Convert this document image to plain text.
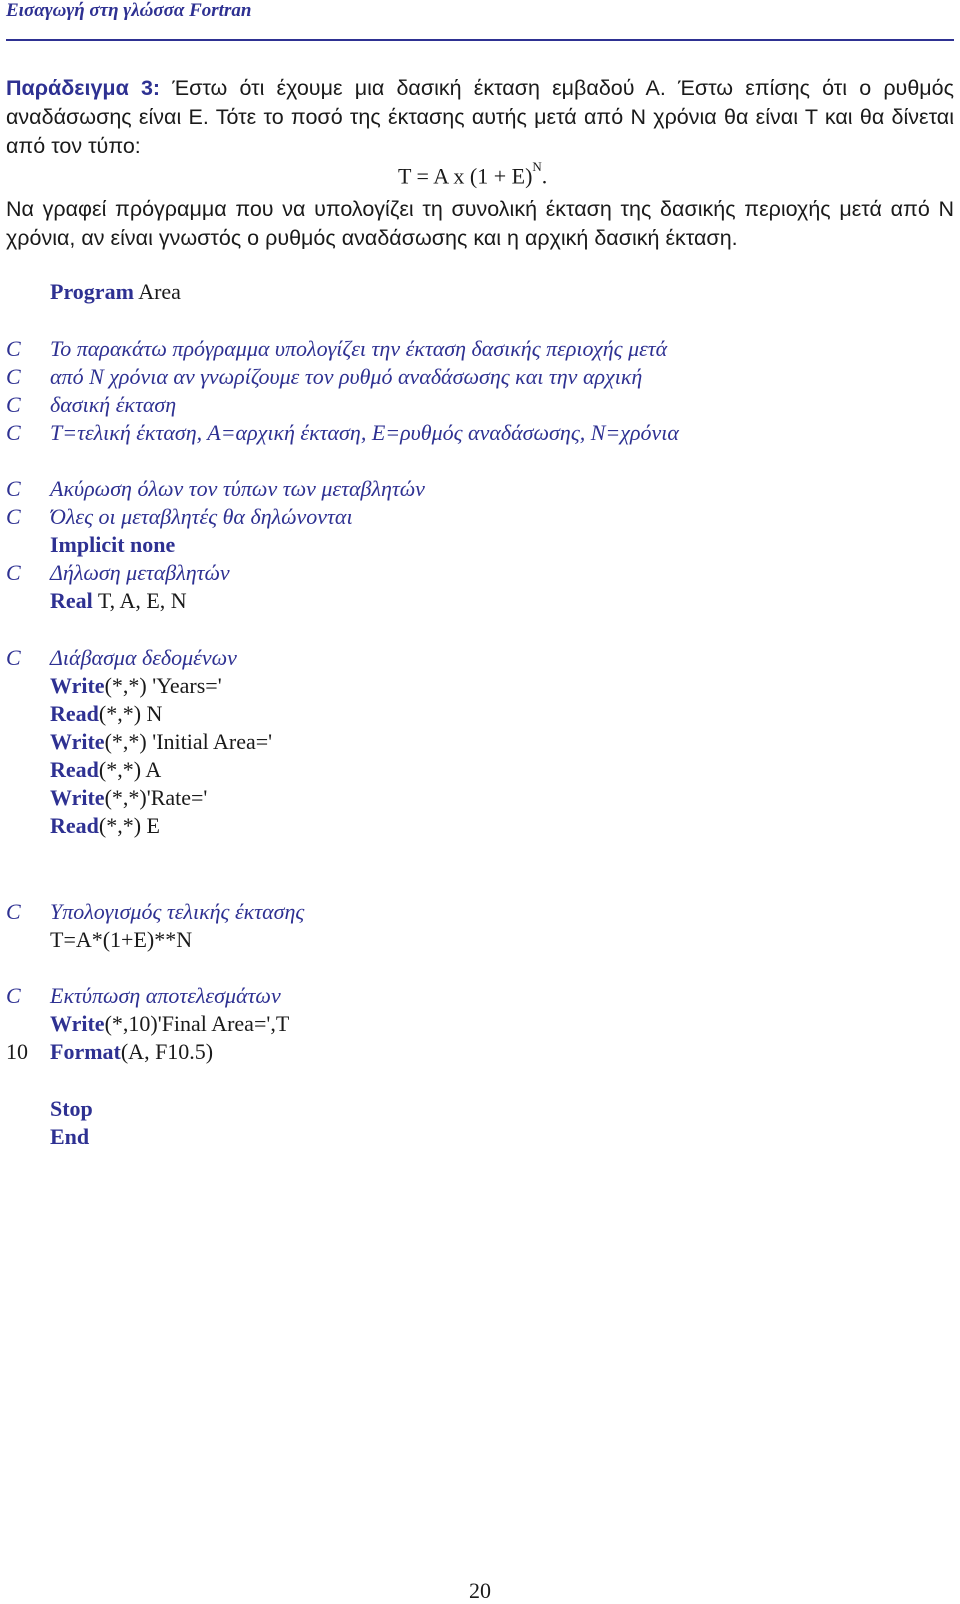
Εισαγωγή στη γλώσσα Fortran
Παράδειγμα 3: Έστω ότι έχουμε μια δασική έκταση εμβαδού Α. Έστω επίσης ότι ο ρυθμός αναδάσωσης είναι Ε. Τότε το ποσό της έκτασης αυτής μετά από Ν χρόνια θα είναι Τ και θα δίνεται από τον τύπο:
T = A x $(1 + E)^N$.
Να γραφεί πρόγραμμα που να υπολογίζει τη συνολική έκταση της δασικής περιοχής μετά από Ν χρόνια, αν είναι γνωστός ο ρυθμός αναδάσωσης και η αρχική δασική έκταση.
Program Area
C Το παρακάτω πρόγραμμα υπολογίζει την έκταση δασικής περιοχής μετά
C από Ν χρόνια αν γνωρίζουμε τον ρυθμό αναδάσωσης και την αρχική
C δασική έκταση
C Τ=τελική έκταση, Α=αρχική έκταση, Ε=ρυθμός αναδάσωσης, Ν=χρόνια
C Ακύρωση όλων τον τύπων των μεταβλητών
C Όλες οι μεταβλητές θα δηλώνονται
Implicit none
C Δήλωση μεταβλητών
Real T, A, E, N
C Διάβασμα δεδομένων
Write(*,*) 'Years='
Read(*,*) N
Write(*,*) 'Initial Area='
Read(*,*) A
Write(*,*)'Rate='
Read(*,*) E
C Υπολογισμός τελικής έκτασης
T=A*(1+E)**N
C Εκτύπωση αποτελεσμάτων
Write(*,10)'Final Area=',T
10 Format(A, F10.5)
Stop
End
20
